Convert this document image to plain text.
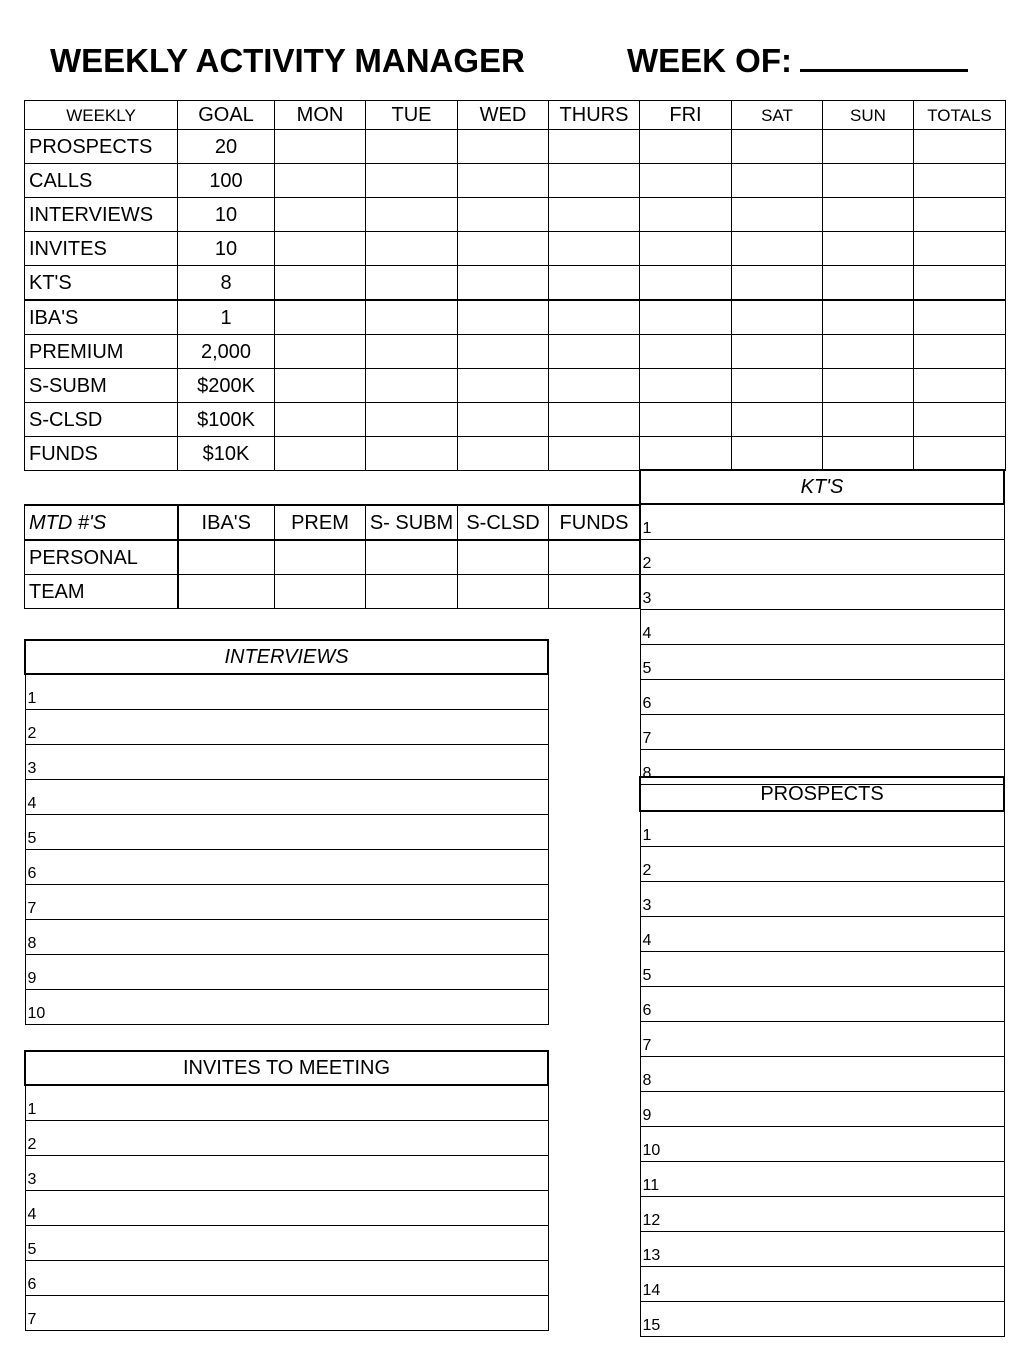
WEEKLY ACTIVITY MANAGER	WEEK OF:
WEEKLY	GOAL	MON	TUE	WED	THURS	FRI	SAT	SUN	TOTALS
PROSPECTS	20								
CALLS	100								
INTERVIEWS	10								
INVITES	10								
KT'S	8								
IBA'S	1								
PREMIUM	2,000								
S-SUBM	$200K								
S-CLSD	$100K								
FUNDS	$10K								
MTD #'S	IBA'S	PREM	S- SUBM	S-CLSD	FUNDS
PERSONAL					
TEAM					
INTERVIEWS
1
2
3
4
5
6
7
8
9
10
INVITES TO MEETING
1
2
3
4
5
6
7
KT'S
1
2
3
4
5
6
7
8
PROSPECTS
1
2
3
4
5
6
7
8
9
10
11
12
13
14
15
